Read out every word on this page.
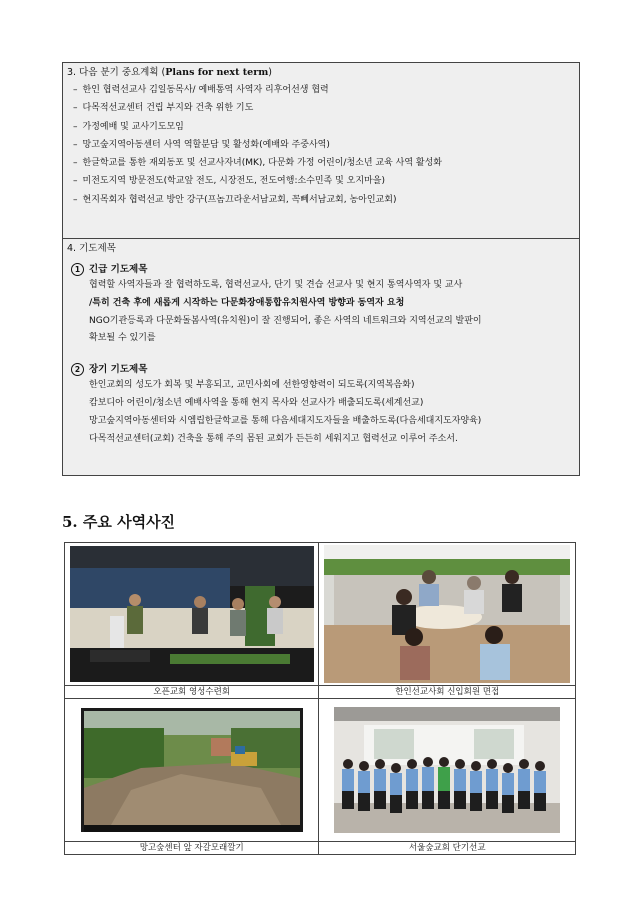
3. 다음 분기 중요계획 (Plans for next term)

– 한인 협력선교사 김일동목사/ 예배통역 사역자 리후어선생 협력
– 다목적선교센터 건립 부지와 건축 위한 기도
– 가정예배 및 교사기도모임
– 망고숲지역아동센터 사역 역할분담 및 활성화(예배와 주중사역)
– 한글학교를 통한 재외동포 및 선교사자녀(MK), 다문화 가정 어린이/청소년 교육 사역 활성화
– 미전도지역 방문전도(학교앞 전도, 시장전도, 전도여행:소수민족 및 오지마을)
– 현지목회자 협력선교 방안 강구(프놈끄라운서남교회, 꼭뻬서남교회, 농아인교회)

4. 기도제목

1 긴급 기도제목

협력할 사역자들과 잘 협력하도록, 협력선교사, 단기 및 견습 선교사 및 현지 통역사역자 및 교사

/특히 건축 후에 새롭게 시작하는 다문화장애통합유치원사역 방향과 동역자 요청

NGO기관등록과 다문화돌봄사역(유치원)이 잘 진행되어, 좋은 사역의 네트워크와 지역선교의 발판이

확보될 수 있기를

2 장기 기도제목

한인교회의 성도가 회복 및 부흥되고, 교민사회에 선한영향력이 되도록(지역복음화)

캄보디아 어린이/청소년 예배사역을 통해 현지 목사와 선교사가 배출되도록(세계선교)

망고숲지역아동센터와 시엠립한글학교를 통해 다음세대지도자들을 배출하도록(다음세대지도자양육)

다목적선교센터(교회) 건축을 통해 주의 몸된 교회가 든든히 세워지고 협력선교 이루어 주소서.

5. 주요 사역사진

오픈교회 영성수련회	한인선교사회 신입회원 면접

망고숲센터 앞 자갈모래깔기	서울숲교회 단기선교
